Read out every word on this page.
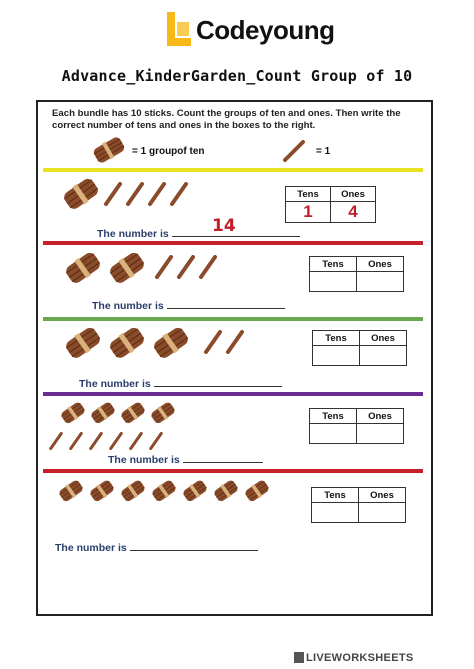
Codeyoung
Advance_KinderGarden_Count Group of 10
Each bundle has 10 sticks. Count the groups of ten and ones. Then write the correct number of tens and ones in the boxes to the right.
= 1 groupof ten	= 1
The number is	14
Tens	Ones
1	4
The number is
Tens	Ones

The number is
Tens	Ones

The number is
Tens	Ones

The number is
Tens	Ones

LIVEWORKSHEETS
